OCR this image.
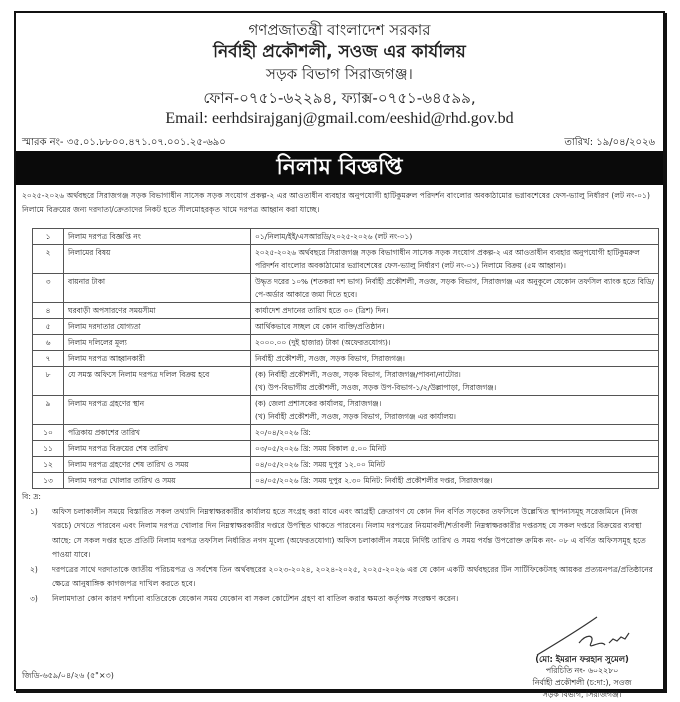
গণপ্রজাতন্ত্রী বাংলাদেশ সরকার
নির্বাহী প্রকৌশলী, সওজ এর কার্যালয়
সড়ক বিভাগ সিরাজগঞ্জ।
ফোন-০৭৫১-৬২২৯৪, ফ্যাক্স-০৭৫১-৬৪৫৯৯,
Email: eerhdsirajganj@gmail.com/eeshid@rhd.gov.bd
স্মারক নং- ৩৫.০১.৮৮০০.৪৭১.০৭.০০১.২৫-৬৯০	তারিখ: ১৯/০৪/২০২৬
নিলাম বিজ্ঞপ্তি
২০২৫-২০২৬ অর্থবছরে সিরাজগঞ্জ সড়ক বিভাগাধীন সাসেক সড়ক সংযোগ প্রকল্প-২ এর আওতাধীন ব্যবহার অনুপযোগী হাটিকুমরুল পরিদর্শন বাংলোর অবকাঠামোর ভগ্নাবশেষের ফেস-ভ্যালু নির্ধারণ (লট নং-০১) নিলামে বিক্রয়ের জন্য দরদাতা/ক্রেতাদের নিকট হতে সীলমোহরকৃত খামে দরপত্র আহ্বান করা যাচ্ছে।
১	নিলাম দরপত্র বিজ্ঞপ্তি নং	০১/নিলাম/ইই/এসআরডি/২০২৫-২০২৬ (লট নং-০১)
২	নিলামের বিষয়	২০২৫-২০২৬ অর্থবছরে সিরাজগঞ্জ সড়ক বিভাগাধীন সাসেক সড়ক সংযোগ প্রকল্প-২ এর আওতাধীন ব্যবহার অনুপযোগী হাটিকুমরুল পরিদর্শন বাংলোর অবকাঠামোর ভগ্নাবশেষের ফেস-ভ্যালু নির্ধারণ (লট নং-০১) নিলামে বিক্রয় (৫ম আহ্বান)।
৩	বায়নার টাকা	উদ্ধৃত দরের ১০% (শতকরা দশ ভাগ) নির্বাহী প্রকৌশলী, সওজ, সড়ক বিভাগ, সিরাজগঞ্জ এর অনুকূলে যেকোন তফসিল ব্যাংক হতে বিডি/পে-অর্ডার আকারে জমা দিতে হবে।
৪	ঘরবাড়ী অপসারণের সময়সীমা	কার্যাদেশ প্রদানের তারিখ হতে ৩০ (ত্রিশ) দিন।
৫	নিলাম দরদাতার যোগ্যতা	আর্থিকভাবে সচ্ছল যে কোন ব্যক্তি/প্রতিষ্ঠান।
৬	নিলাম দলিলের মূল্য	২০০০.০০ (দুই হাজার) টাকা (অফেরতযোগ্য)।
৭	নিলাম দরপত্র আহ্বানকারী	নির্বাহী প্রকৌশলী, সওজ, সড়ক বিভাগ, সিরাজগঞ্জ।
৮	যে সমস্ত অফিসে নিলাম দরপত্র দলিল বিক্রয় হবে	(ক) নির্বাহী প্রকৌশলী, সওজ, সড়ক বিভাগ, সিরাজগঞ্জ/পাবনা/নাটোর।
(খ) উপ-বিভাগীয় প্রকৌশলী, সওজ, সড়ক উপ-বিভাগ-১/২/উল্লাপাড়া, সিরাজগঞ্জ।
৯	নিলাম দরপত্র গ্রহণের স্থান	(ক) জেলা প্রশাসকের কার্যালয়, সিরাজগঞ্জ।
(খ) নির্বাহী প্রকৌশলী, সওজ, সড়ক বিভাগ, সিরাজগঞ্জ এর কার্যালয়।
১০	পত্রিকায় প্রকাশের তারিখ	২০/০৪/২০২৬ খ্রি:
১১	নিলাম দরপত্র বিক্রয়ের শেষ তারিখ	০৩/০৫/২০২৬ খ্রি: সময় বিকাল ৫.০০ মিনিট
১২	নিলাম দরপত্র গ্রহণের শেষ তারিখ ও সময়	০৪/০৫/২০২৬ খ্রি: সময় দুপুর ১২.০০ মিনিট
১৩	নিলাম দরপত্র খোলার তারিখ ও সময়	০৪/০৫/২০২৬ খ্রি: সময় দুপুর ২.৩০ মিনিট: নির্বাহী প্রকৌশলীর দপ্তর, সিরাজগঞ্জ।
বি: দ্র:
১)	অফিস চলাকালীন সময়ে বিস্তারিত সকল তথ্যাদি নিম্নস্বাক্ষরকারীর কার্যালয় হতে সংগ্রহ করা যাবে এবং আগ্রহী ক্রেতাগণ যে কোন দিন বর্ণিত সড়কের তফসিলে উল্লেখিত স্থাপনাসমূহ সরেজমিনে (নিজ খরচে) দেখতে পারবেন এবং নিলাম দরপত্র খোলার দিন নিম্নস্বাক্ষরকারীর দপ্তরে উপস্থিত থাকতে পারবেন। নিলাম দরপত্রের নিয়মাবলী/শর্তাবলী নিম্নস্বাক্ষরকারীর দপ্তরসহ যে সকল দপ্তরে বিক্রয়ের ব্যবস্থা আছে: সে সকল দপ্তর হতে প্রতিটি নিলাম দরপত্র তফসিল নির্ধারিত নগদ মূল্যে (অফেরতযোগ্য) অফিস চলাকালীন সময়ে নির্দিষ্ট তারিখ ও সময় পর্যন্ত উপরোক্ত ক্রমিক নং- ০৮ এ বর্ণিত অফিসসমূহ হতে পাওয়া যাবে।
২)	দরপত্রের সাথে দরদাতাকে জাতীয় পরিচয়পত্র ও সর্বশেষ তিন অর্থবছরের ২০২৩-২০২৪, ২০২৪-২০২৫, ২০২৫-২০২৬ এর যে কোন একটি অর্থবছরের টিন সার্টিফিকেটসহ আয়কর প্রত্যয়নপত্র/প্রতিষ্ঠানের ক্ষেত্রে আনুষাঙ্গিক কাগজপত্র দাখিল করতে হবে।
৩)	নিলামদাতা কোন কারণ দর্শানো ব্যতিরেকে যেকোন সময় যেকোন বা সকল কোটেশন গ্রহণ বা বাতিল করার ক্ষমতা কর্তৃপক্ষ সংরক্ষণ করেন।
(মো: ইমরান ফরহান সুমেল)
পরিচিতি নং- ৬০২২৮০
নির্বাহী প্রকৌশলী (চ:দা:), সওজ
সড়ক বিভাগ, সিরাজগঞ্জ।
জিডি-৬৫৯/০৪/২৬ (৫"×৩)
